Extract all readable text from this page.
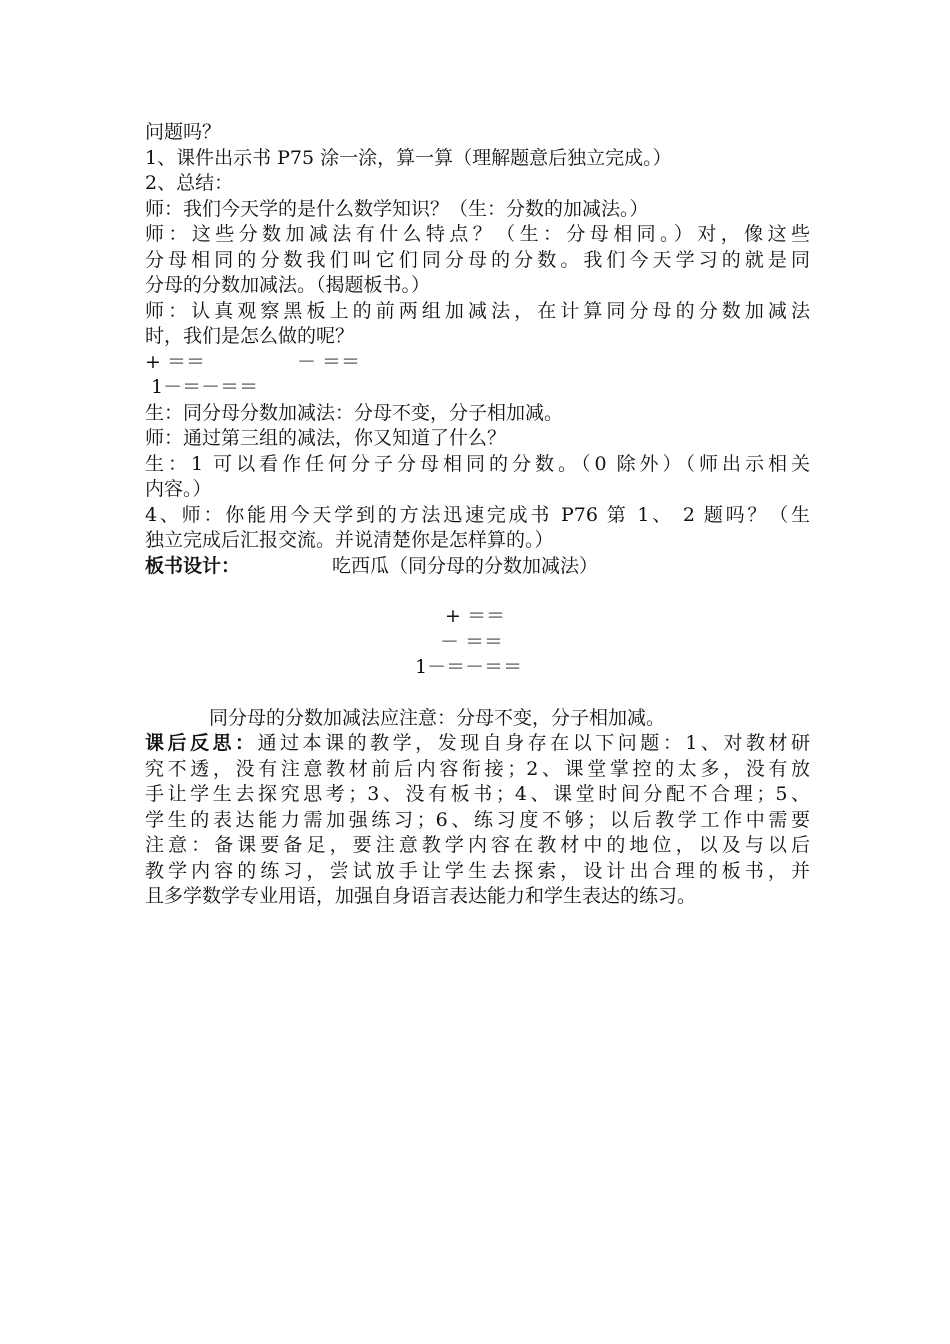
问题吗？
1、课件出示书 P75 涂一涂，算一算（理解题意后独立完成。）
2、总结：
师：我们今天学的是什么数学知识？（生：分数的加减法。）
师：这些分数加减法有什么特点？（生：分母相同。）对，像这些
分母相同的分数我们叫它们同分母的分数。我们今天学习的就是同
分母的分数加减法。（揭题板书。）
师：认真观察黑板上的前两组加减法，在计算同分母的分数加减法
时，我们是怎么做的呢？
+ ＝＝	－ ＝＝
1－＝－＝＝
生：同分母分数加减法：分母不变，分子相加减。
师：通过第三组的减法，你又知道了什么？
生：1 可以看作任何分子分母相同的分数。（0 除外）（师出示相关
内容。）
4、师：你能用今天学到的方法迅速完成书 P76 第 1、 2 题吗？（生
独立完成后汇报交流。并说清楚你是怎样算的。）
板书设计：	吃西瓜（同分母的分数加减法）
+ ＝＝
－ ＝＝
1－＝－＝＝
同分母的分数加减法应注意：分母不变，分子相加减。
课后反思：通过本课的教学，发现自身存在以下问题：1、对教材研
究不透，没有注意教材前后内容衔接；2、课堂掌控的太多，没有放
手让学生去探究思考；3、没有板书；4、课堂时间分配不合理；5、
学生的表达能力需加强练习；6、练习度不够；以后教学工作中需要
注意：备课要备足，要注意教学内容在教材中的地位，以及与以后
教学内容的练习，尝试放手让学生去探索，设计出合理的板书，并
且多学数学专业用语，加强自身语言表达能力和学生表达的练习。
